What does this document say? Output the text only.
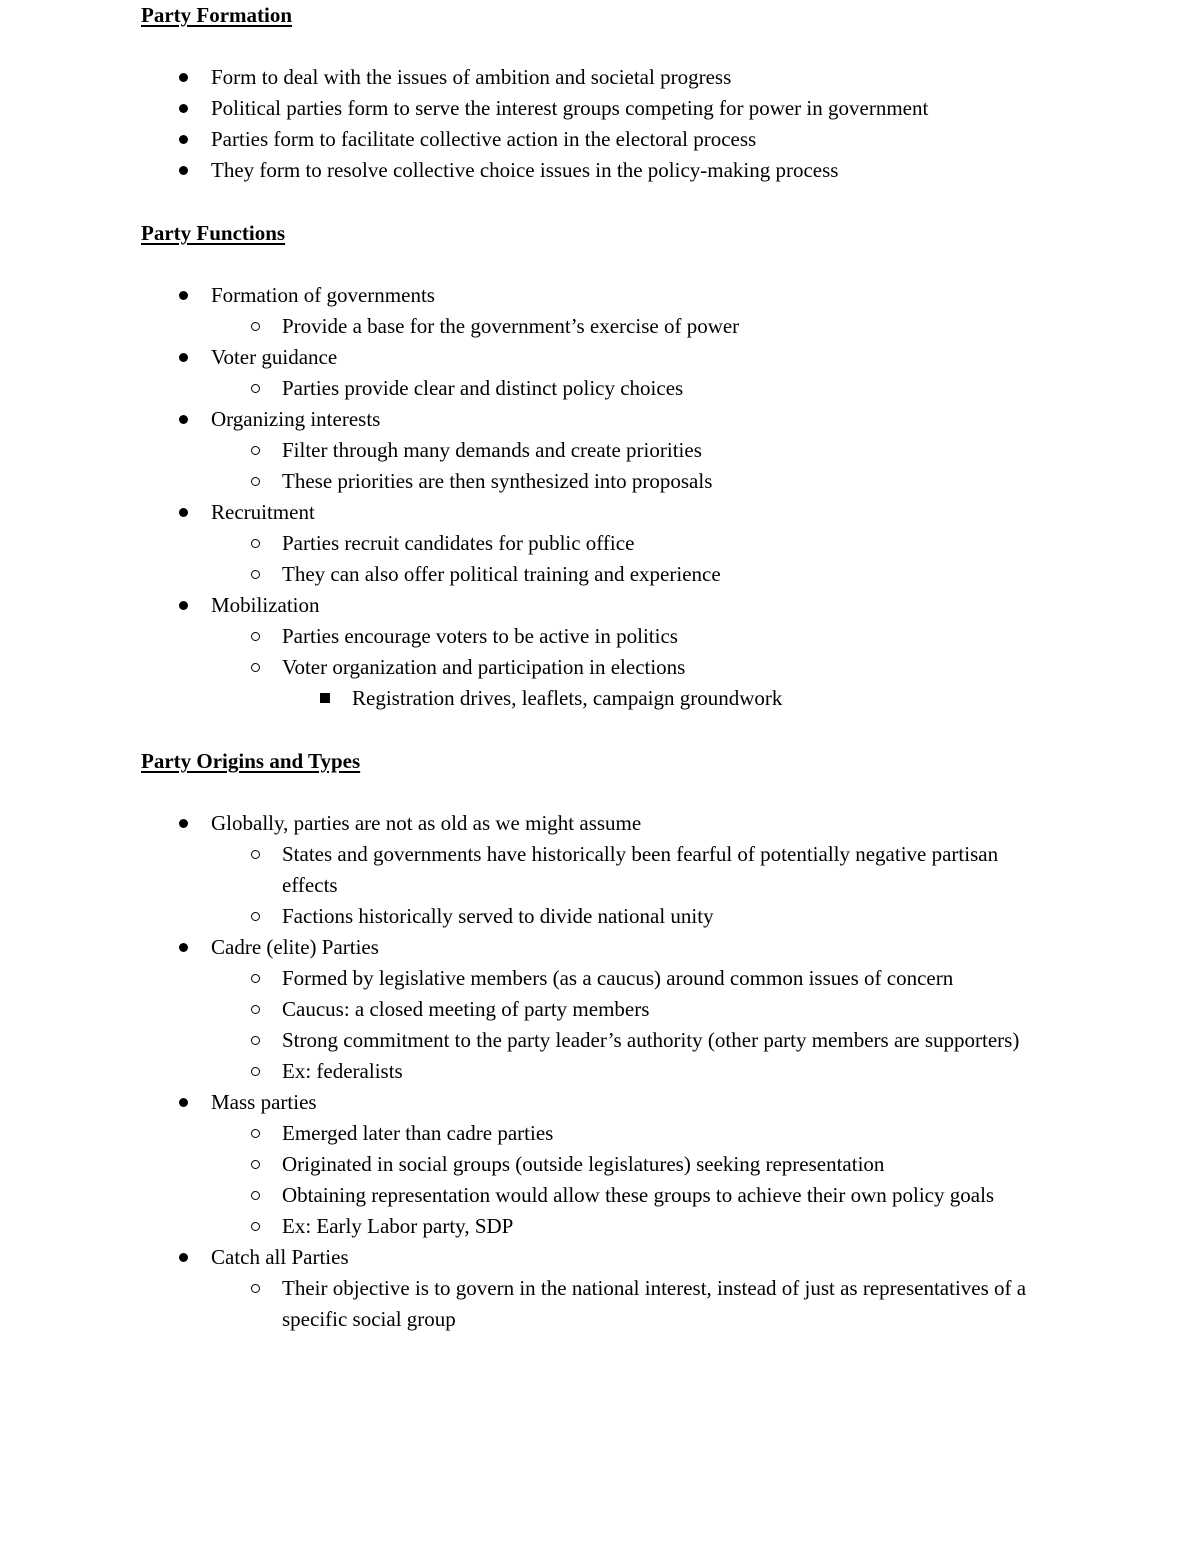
Party Formation
Form to deal with the issues of ambition and societal progress
Political parties form to serve the interest groups competing for power in government
Parties form to facilitate collective action in the electoral process
They form to resolve collective choice issues in the policy-making process
Party Functions
Formation of governments
Provide a base for the government’s exercise of power
Voter guidance
Parties provide clear and distinct policy choices
Organizing interests
Filter through many demands and create priorities
These priorities are then synthesized into proposals
Recruitment
Parties recruit candidates for public office
They can also offer political training and experience
Mobilization
Parties encourage voters to be active in politics
Voter organization and participation in elections
Registration drives, leaflets, campaign groundwork
Party Origins and Types
Globally, parties are not as old as we might assume
States and governments have historically been fearful of potentially negative partisan effects
Factions historically served to divide national unity
Cadre (elite) Parties
Formed by legislative members (as a caucus) around common issues of concern
Caucus: a closed meeting of party members
Strong commitment to the party leader’s authority (other party members are supporters)
Ex: federalists
Mass parties
Emerged later than cadre parties
Originated in social groups (outside legislatures) seeking representation
Obtaining representation would allow these groups to achieve their own policy goals
Ex: Early Labor party, SDP
Catch all Parties
Their objective is to govern in the national interest, instead of just as representatives of a specific social group
